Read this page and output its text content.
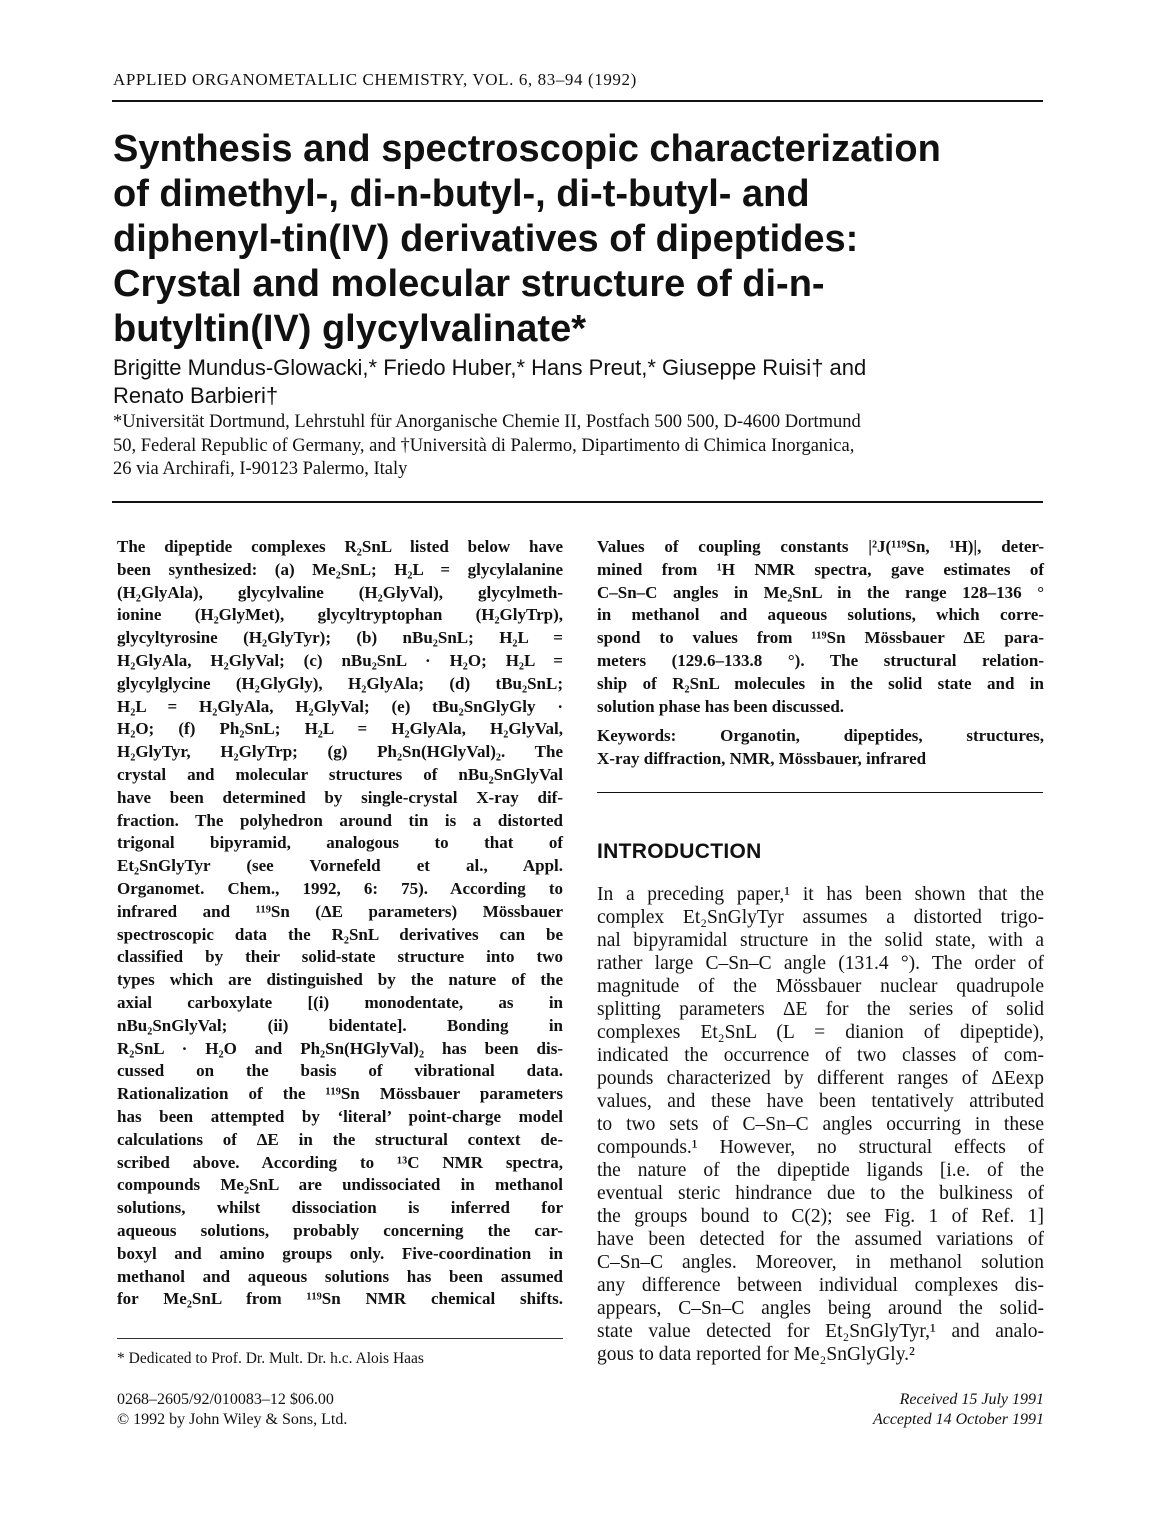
APPLIED ORGANOMETALLIC CHEMISTRY, VOL. 6, 83–94 (1992)
Synthesis and spectroscopic characterization
of dimethyl-, di-n-butyl-, di-t-butyl- and
diphenyl-tin(IV) derivatives of dipeptides:
Crystal and molecular structure of di-n-
butyltin(IV) glycylvalinate*
Brigitte Mundus-Glowacki,* Friedo Huber,* Hans Preut,* Giuseppe Ruisi† and
Renato Barbieri†
*Universität Dortmund, Lehrstuhl für Anorganische Chemie II, Postfach 500 500, D-4600 Dortmund
50, Federal Republic of Germany, and †Università di Palermo, Dipartimento di Chimica Inorganica,
26 via Archirafi, I-90123 Palermo, Italy
The dipeptide complexes R₂SnL listed below have
been synthesized: (a) Me₂SnL; H₂L = glycylalanine
(H₂GlyAla), glycylvaline (H₂GlyVal), glycylmeth-
ionine (H₂GlyMet), glycyltryptophan (H₂GlyTrp),
glycyltyrosine (H₂GlyTyr); (b) nBu₂SnL; H₂L =
H₂GlyAla, H₂GlyVal; (c) nBu₂SnL · H₂O; H₂L =
glycylglycine (H₂GlyGly), H₂GlyAla; (d) tBu₂SnL;
H₂L = H₂GlyAla, H₂GlyVal; (e) tBu₂SnGlyGly ·
H₂O; (f) Ph₂SnL; H₂L = H₂GlyAla, H₂GlyVal,
H₂GlyTyr, H₂GlyTrp; (g) Ph₂Sn(HGlyVal)₂. The
crystal and molecular structures of nBu₂SnGlyVal
have been determined by single-crystal X-ray dif-
fraction. The polyhedron around tin is a distorted
trigonal bipyramid, analogous to that of
Et₂SnGlyTyr (see Vornefeld et al., Appl.
Organomet. Chem., 1992, 6: 75). According to
infrared and ¹¹⁹Sn (ΔE parameters) Mössbauer
spectroscopic data the R₂SnL derivatives can be
classified by their solid-state structure into two
types which are distinguished by the nature of the
axial carboxylate [(i) monodentate, as in
nBu₂SnGlyVal; (ii) bidentate]. Bonding in
R₂SnL · H₂O and Ph₂Sn(HGlyVal)₂ has been dis-
cussed on the basis of vibrational data.
Rationalization of the ¹¹⁹Sn Mössbauer parameters
has been attempted by ‘literal’ point-charge model
calculations of ΔE in the structural context de-
scribed above. According to ¹³C NMR spectra,
compounds Me₂SnL are undissociated in methanol
solutions, whilst dissociation is inferred for
aqueous solutions, probably concerning the car-
boxyl and amino groups only. Five-coordination in
methanol and aqueous solutions has been assumed
for Me₂SnL from ¹¹⁹Sn NMR chemical shifts.
Values of coupling constants |²J(¹¹⁹Sn, ¹H)|, deter-
mined from ¹H NMR spectra, gave estimates of
C–Sn–C angles in Me₂SnL in the range 128–136 °
in methanol and aqueous solutions, which corre-
spond to values from ¹¹⁹Sn Mössbauer ΔE para-
meters (129.6–133.8 °). The structural relation-
ship of R₂SnL molecules in the solid state and in
solution phase has been discussed.
Keywords: Organotin, dipeptides, structures,
X-ray diffraction, NMR, Mössbauer, infrared
INTRODUCTION
In a preceding paper,¹ it has been shown that the
complex Et₂SnGlyTyr assumes a distorted trigo-
nal bipyramidal structure in the solid state, with a
rather large C–Sn–C angle (131.4 °). The order of
magnitude of the Mössbauer nuclear quadrupole
splitting parameters ΔE for the series of solid
complexes Et₂SnL (L = dianion of dipeptide),
indicated the occurrence of two classes of com-
pounds characterized by different ranges of ΔEexp
values, and these have been tentatively attributed
to two sets of C–Sn–C angles occurring in these
compounds.¹ However, no structural effects of
the nature of the dipeptide ligands [i.e. of the
eventual steric hindrance due to the bulkiness of
the groups bound to C(2); see Fig. 1 of Ref. 1]
have been detected for the assumed variations of
C–Sn–C angles. Moreover, in methanol solution
any difference between individual complexes dis-
appears, C–Sn–C angles being around the solid-
state value detected for Et₂SnGlyTyr,¹ and analo-
gous to data reported for Me₂SnGlyGly.²
* Dedicated to Prof. Dr. Mult. Dr. h.c. Alois Haas
0268–2605/92/010083–12 $06.00
© 1992 by John Wiley & Sons, Ltd.
Received 15 July 1991
Accepted 14 October 1991
